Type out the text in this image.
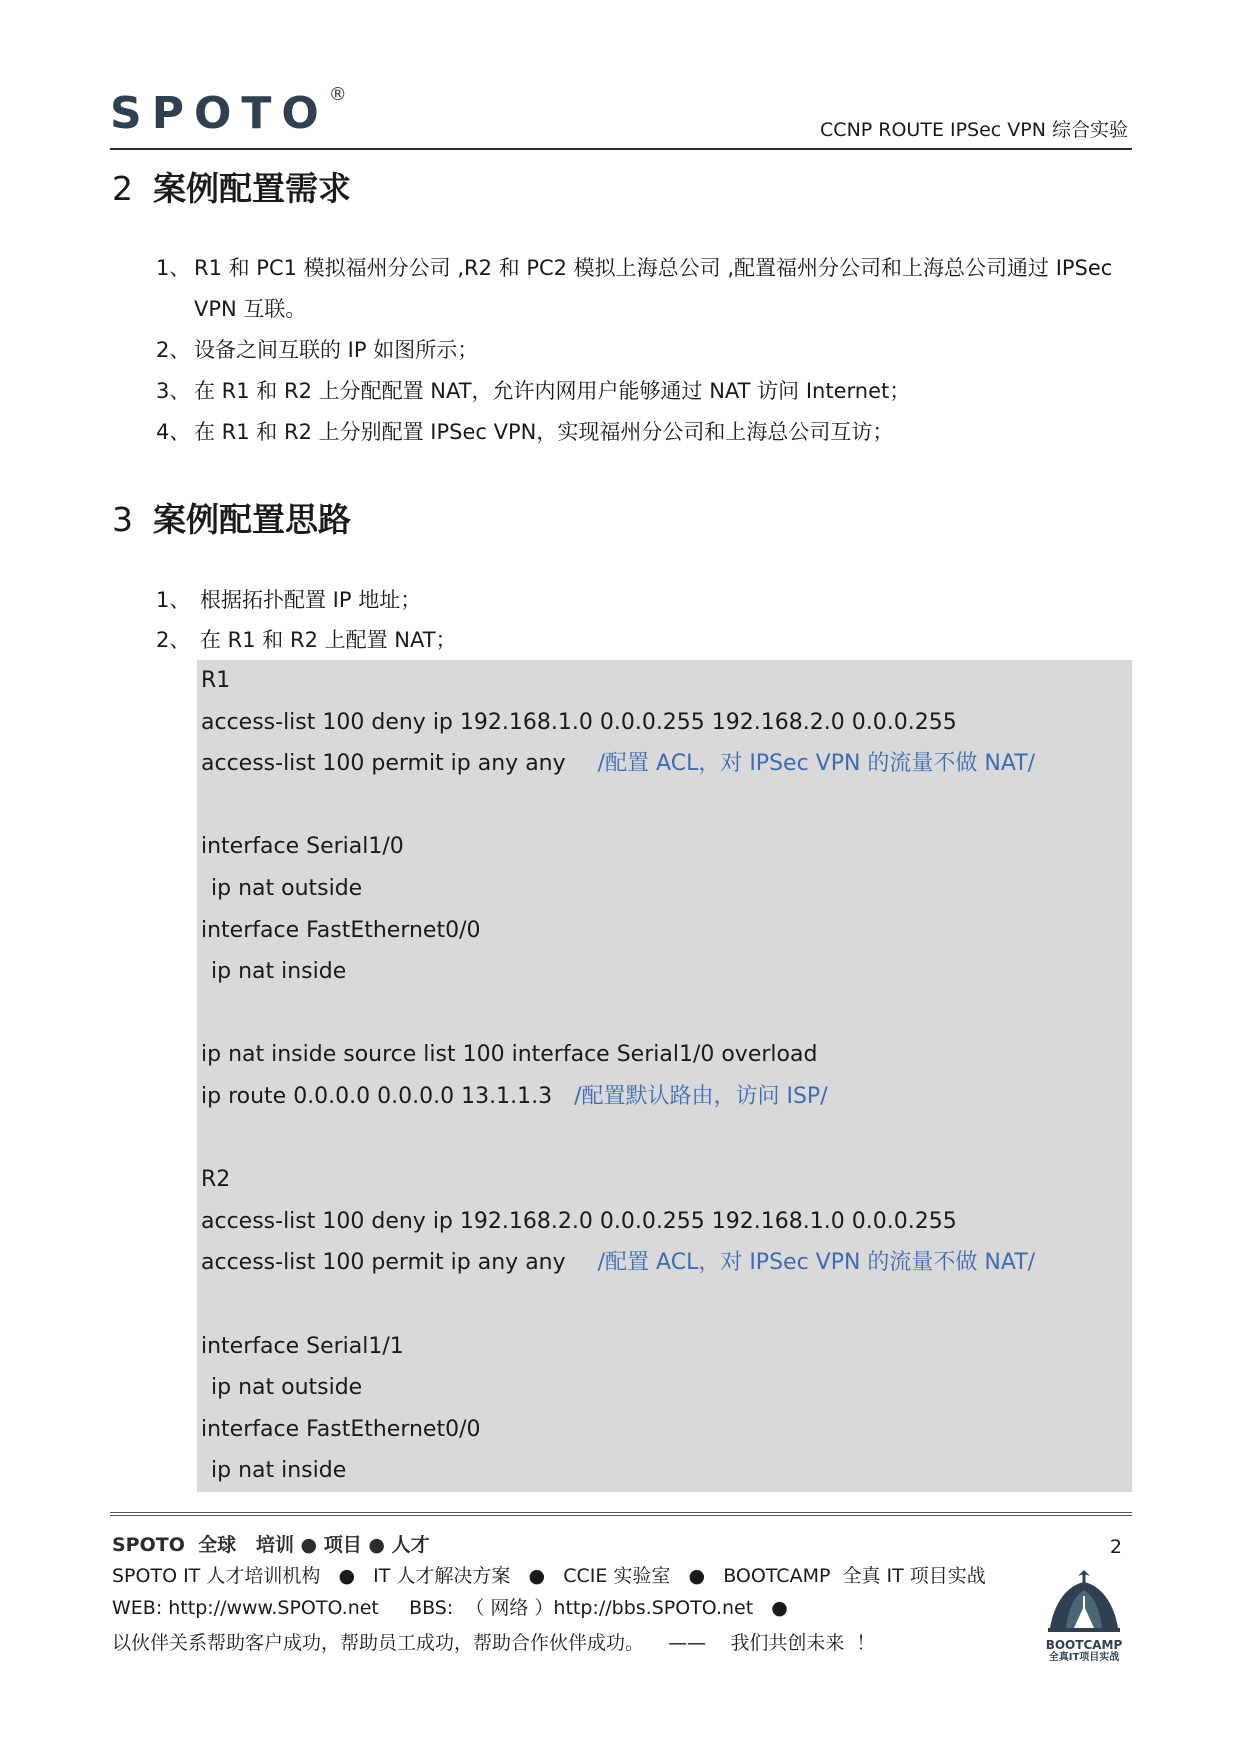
SPOTO®
CCNP ROUTE IPSec VPN 综合实验
2 案例配置需求
1、 R1 和 PC1 模拟福州分公司 ,R2 和 PC2 模拟上海总公司 ,配置福州分公司和上海总公司通过 IPSec VPN 互联。
2、 设备之间互联的 IP 如图所示；
3、 在 R1 和 R2 上分配配置 NAT，允许内网用户能够通过 NAT 访问 Internet；
4、 在 R1 和 R2 上分别配置 IPSec VPN，实现福州分公司和上海总公司互访；
3 案例配置思路
1、 根据拓扑配置 IP 地址；
2、 在 R1 和 R2 上配置 NAT；
R1
access-list 100 deny ip 192.168.1.0 0.0.0.255 192.168.2.0 0.0.0.255
access-list 100 permit ip any any /配置 ACL，对 IPSec VPN 的流量不做 NAT/
interface Serial1/0
ip nat outside
interface FastEthernet0/0
ip nat inside
ip nat inside source list 100 interface Serial1/0 overload
ip route 0.0.0.0 0.0.0.0 13.1.1.3 /配置默认路由，访问 ISP/
R2
access-list 100 deny ip 192.168.2.0 0.0.0.255 192.168.1.0 0.0.0.255
access-list 100 permit ip any any /配置 ACL，对 IPSec VPN 的流量不做 NAT/
interface Serial1/1
ip nat outside
interface FastEthernet0/0
ip nat inside
SPOTO  全球   培训 ● 项目 ● 人才	2
SPOTO IT 人才培训机构   ●   IT 人才解决方案   ●   CCIE 实验室   ●   BOOTCAMP  全真 IT 项目实战
WEB: http://www.SPOTO.net     BBS:  （ 网络 ）http://bbs.SPOTO.net   ●
以伙伴关系帮助客户成功，帮助员工成功，帮助合作伙伴成功。    ——    我们共创未来  ！	BOOTCAMP
全真IT项目实战
